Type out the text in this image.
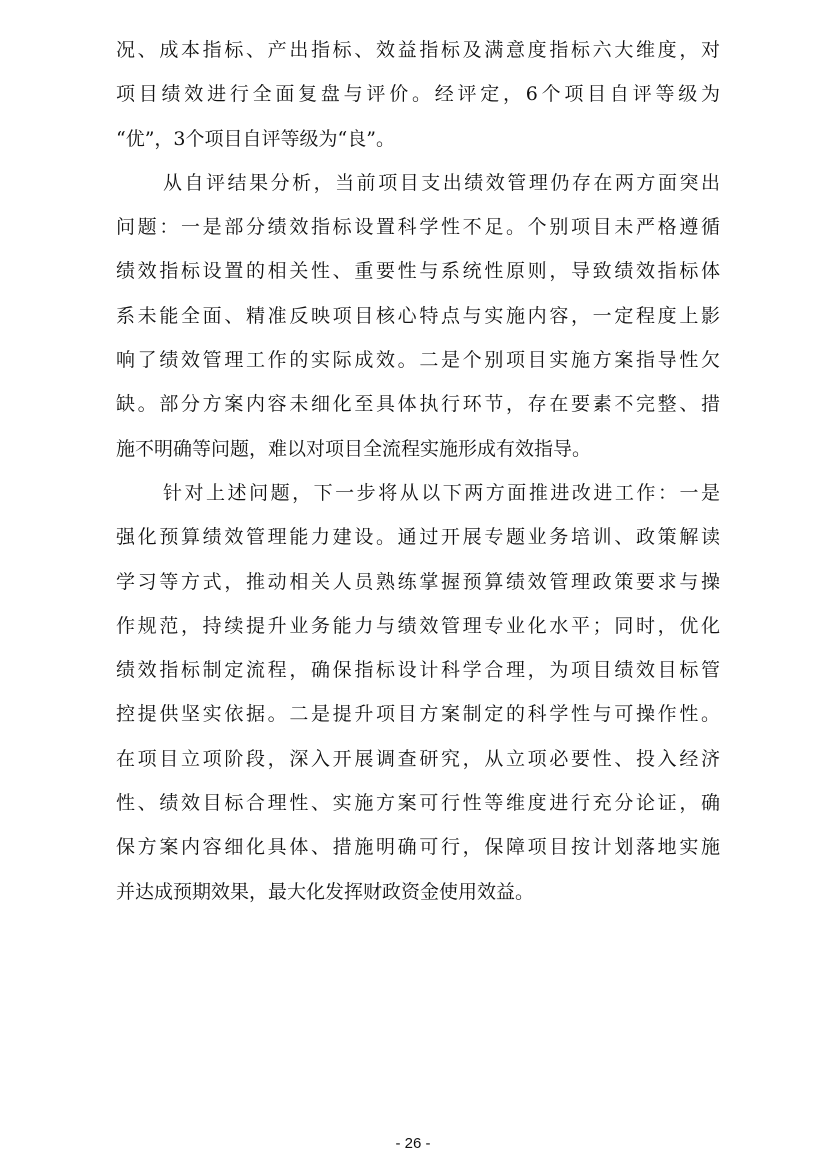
况、成本指标、产出指标、效益指标及满意度指标六大维度，对
项目绩效进行全面复盘与评价。经评定，6个项目自评等级为
“优”，3个项目自评等级为“良”。
从自评结果分析，当前项目支出绩效管理仍存在两方面突出
问题：一是部分绩效指标设置科学性不足。个别项目未严格遵循
绩效指标设置的相关性、重要性与系统性原则，导致绩效指标体
系未能全面、精准反映项目核心特点与实施内容，一定程度上影
响了绩效管理工作的实际成效。二是个别项目实施方案指导性欠
缺。部分方案内容未细化至具体执行环节，存在要素不完整、措
施不明确等问题，难以对项目全流程实施形成有效指导。
针对上述问题，下一步将从以下两方面推进改进工作：一是
强化预算绩效管理能力建设。通过开展专题业务培训、政策解读
学习等方式，推动相关人员熟练掌握预算绩效管理政策要求与操
作规范，持续提升业务能力与绩效管理专业化水平；同时，优化
绩效指标制定流程，确保指标设计科学合理，为项目绩效目标管
控提供坚实依据。二是提升项目方案制定的科学性与可操作性。
在项目立项阶段，深入开展调查研究，从立项必要性、投入经济
性、绩效目标合理性、实施方案可行性等维度进行充分论证，确
保方案内容细化具体、措施明确可行，保障项目按计划落地实施
并达成预期效果，最大化发挥财政资金使用效益。
- 26 -
